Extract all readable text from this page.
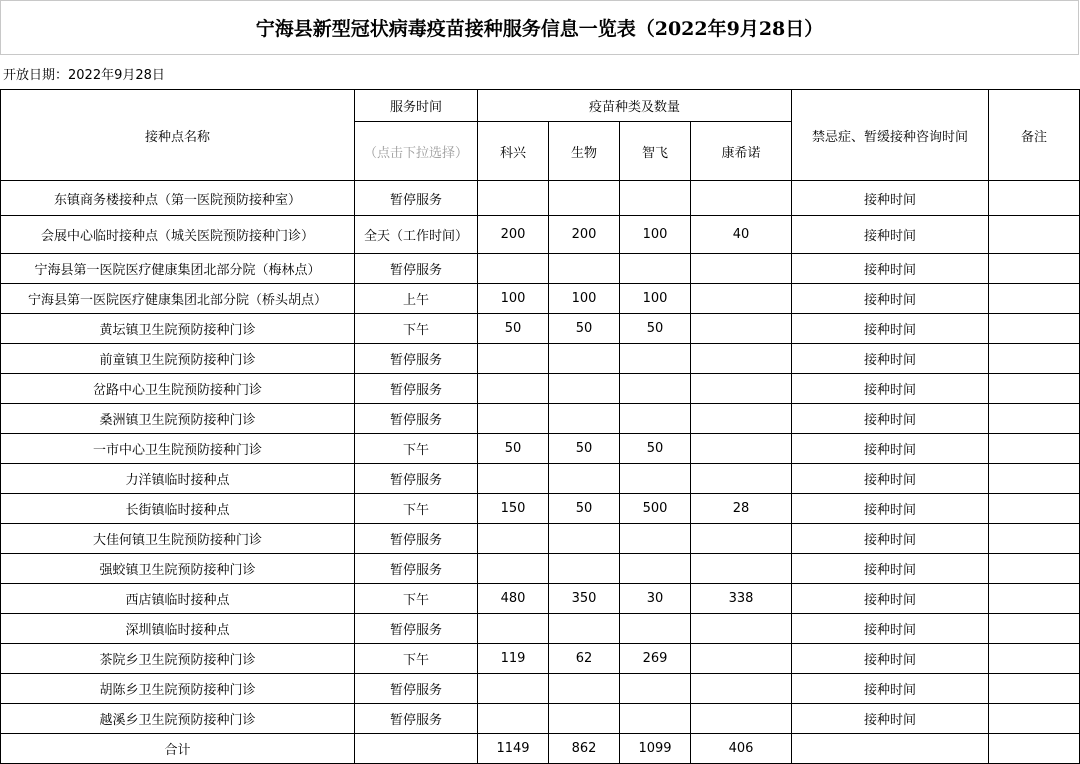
宁海县新型冠状病毒疫苗接种服务信息一览表（2022年9月28日）
开放日期：2022年9月28日
接种点名称	服务时间	疫苗种类及数量				禁忌症、暂缓接种咨询时间	备注
	（点击下拉选择）	科兴	生物	智飞	康希诺		
东镇商务楼接种点（第一医院预防接种室）	暂停服务					接种时间	
会展中心临时接种点（城关医院预防接种门诊）	全天（工作时间）	200	200	100	40	接种时间	
宁海县第一医院医疗健康集团北部分院（梅林点）	暂停服务					接种时间	
宁海县第一医院医疗健康集团北部分院（桥头胡点）	上午	100	100	100		接种时间	
黄坛镇卫生院预防接种门诊	下午	50	50	50		接种时间	
前童镇卫生院预防接种门诊	暂停服务					接种时间	
岔路中心卫生院预防接种门诊	暂停服务					接种时间	
桑洲镇卫生院预防接种门诊	暂停服务					接种时间	
一市中心卫生院预防接种门诊	下午	50	50	50		接种时间	
力洋镇临时接种点	暂停服务					接种时间	
长街镇临时接种点	下午	150	50	500	28	接种时间	
大佳何镇卫生院预防接种门诊	暂停服务					接种时间	
强蛟镇卫生院预防接种门诊	暂停服务					接种时间	
西店镇临时接种点	下午	480	350	30	338	接种时间	
深圳镇临时接种点	暂停服务					接种时间	
茶院乡卫生院预防接种门诊	下午	119	62	269		接种时间	
胡陈乡卫生院预防接种门诊	暂停服务					接种时间	
越溪乡卫生院预防接种门诊	暂停服务					接种时间	
合计		1149	862	1099	406		
